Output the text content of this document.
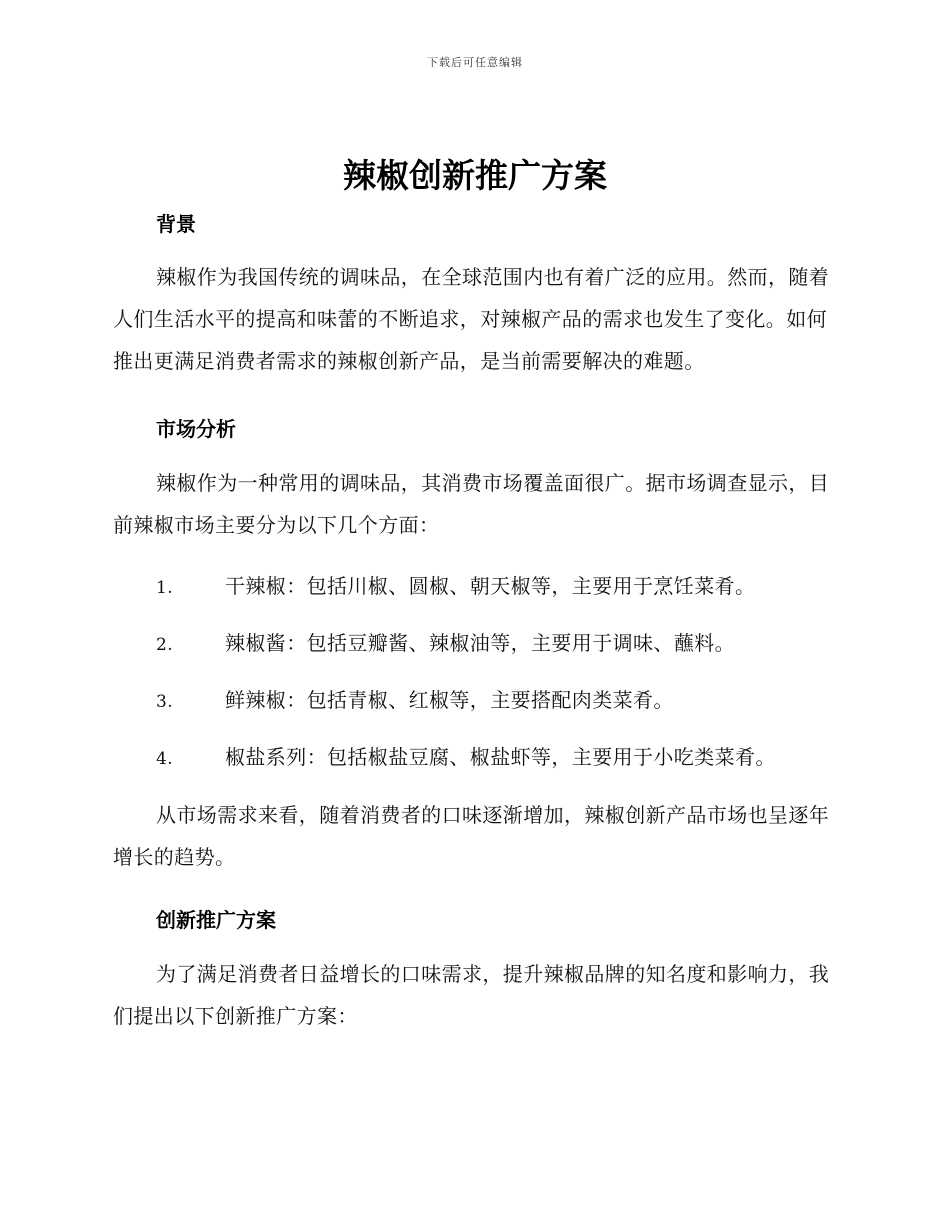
下载后可任意编辑
辣椒创新推广方案
背景

辣椒作为我国传统的调味品，在全球范围内也有着广泛的应用。然而，随着人们生活水平的提高和味蕾的不断追求，对辣椒产品的需求也发生了变化。如何推出更满足消费者需求的辣椒创新产品，是当前需要解决的难题。

市场分析

辣椒作为一种常用的调味品，其消费市场覆盖面很广。据市场调查显示，目前辣椒市场主要分为以下几个方面：

1.	干辣椒：包括川椒、圆椒、朝天椒等，主要用于烹饪菜肴。
2.	辣椒酱：包括豆瓣酱、辣椒油等，主要用于调味、蘸料。
3.	鲜辣椒：包括青椒、红椒等，主要搭配肉类菜肴。
4.	椒盐系列：包括椒盐豆腐、椒盐虾等，主要用于小吃类菜肴。

从市场需求来看，随着消费者的口味逐渐增加，辣椒创新产品市场也呈逐年增长的趋势。

创新推广方案

为了满足消费者日益增长的口味需求，提升辣椒品牌的知名度和影响力，我们提出以下创新推广方案：
